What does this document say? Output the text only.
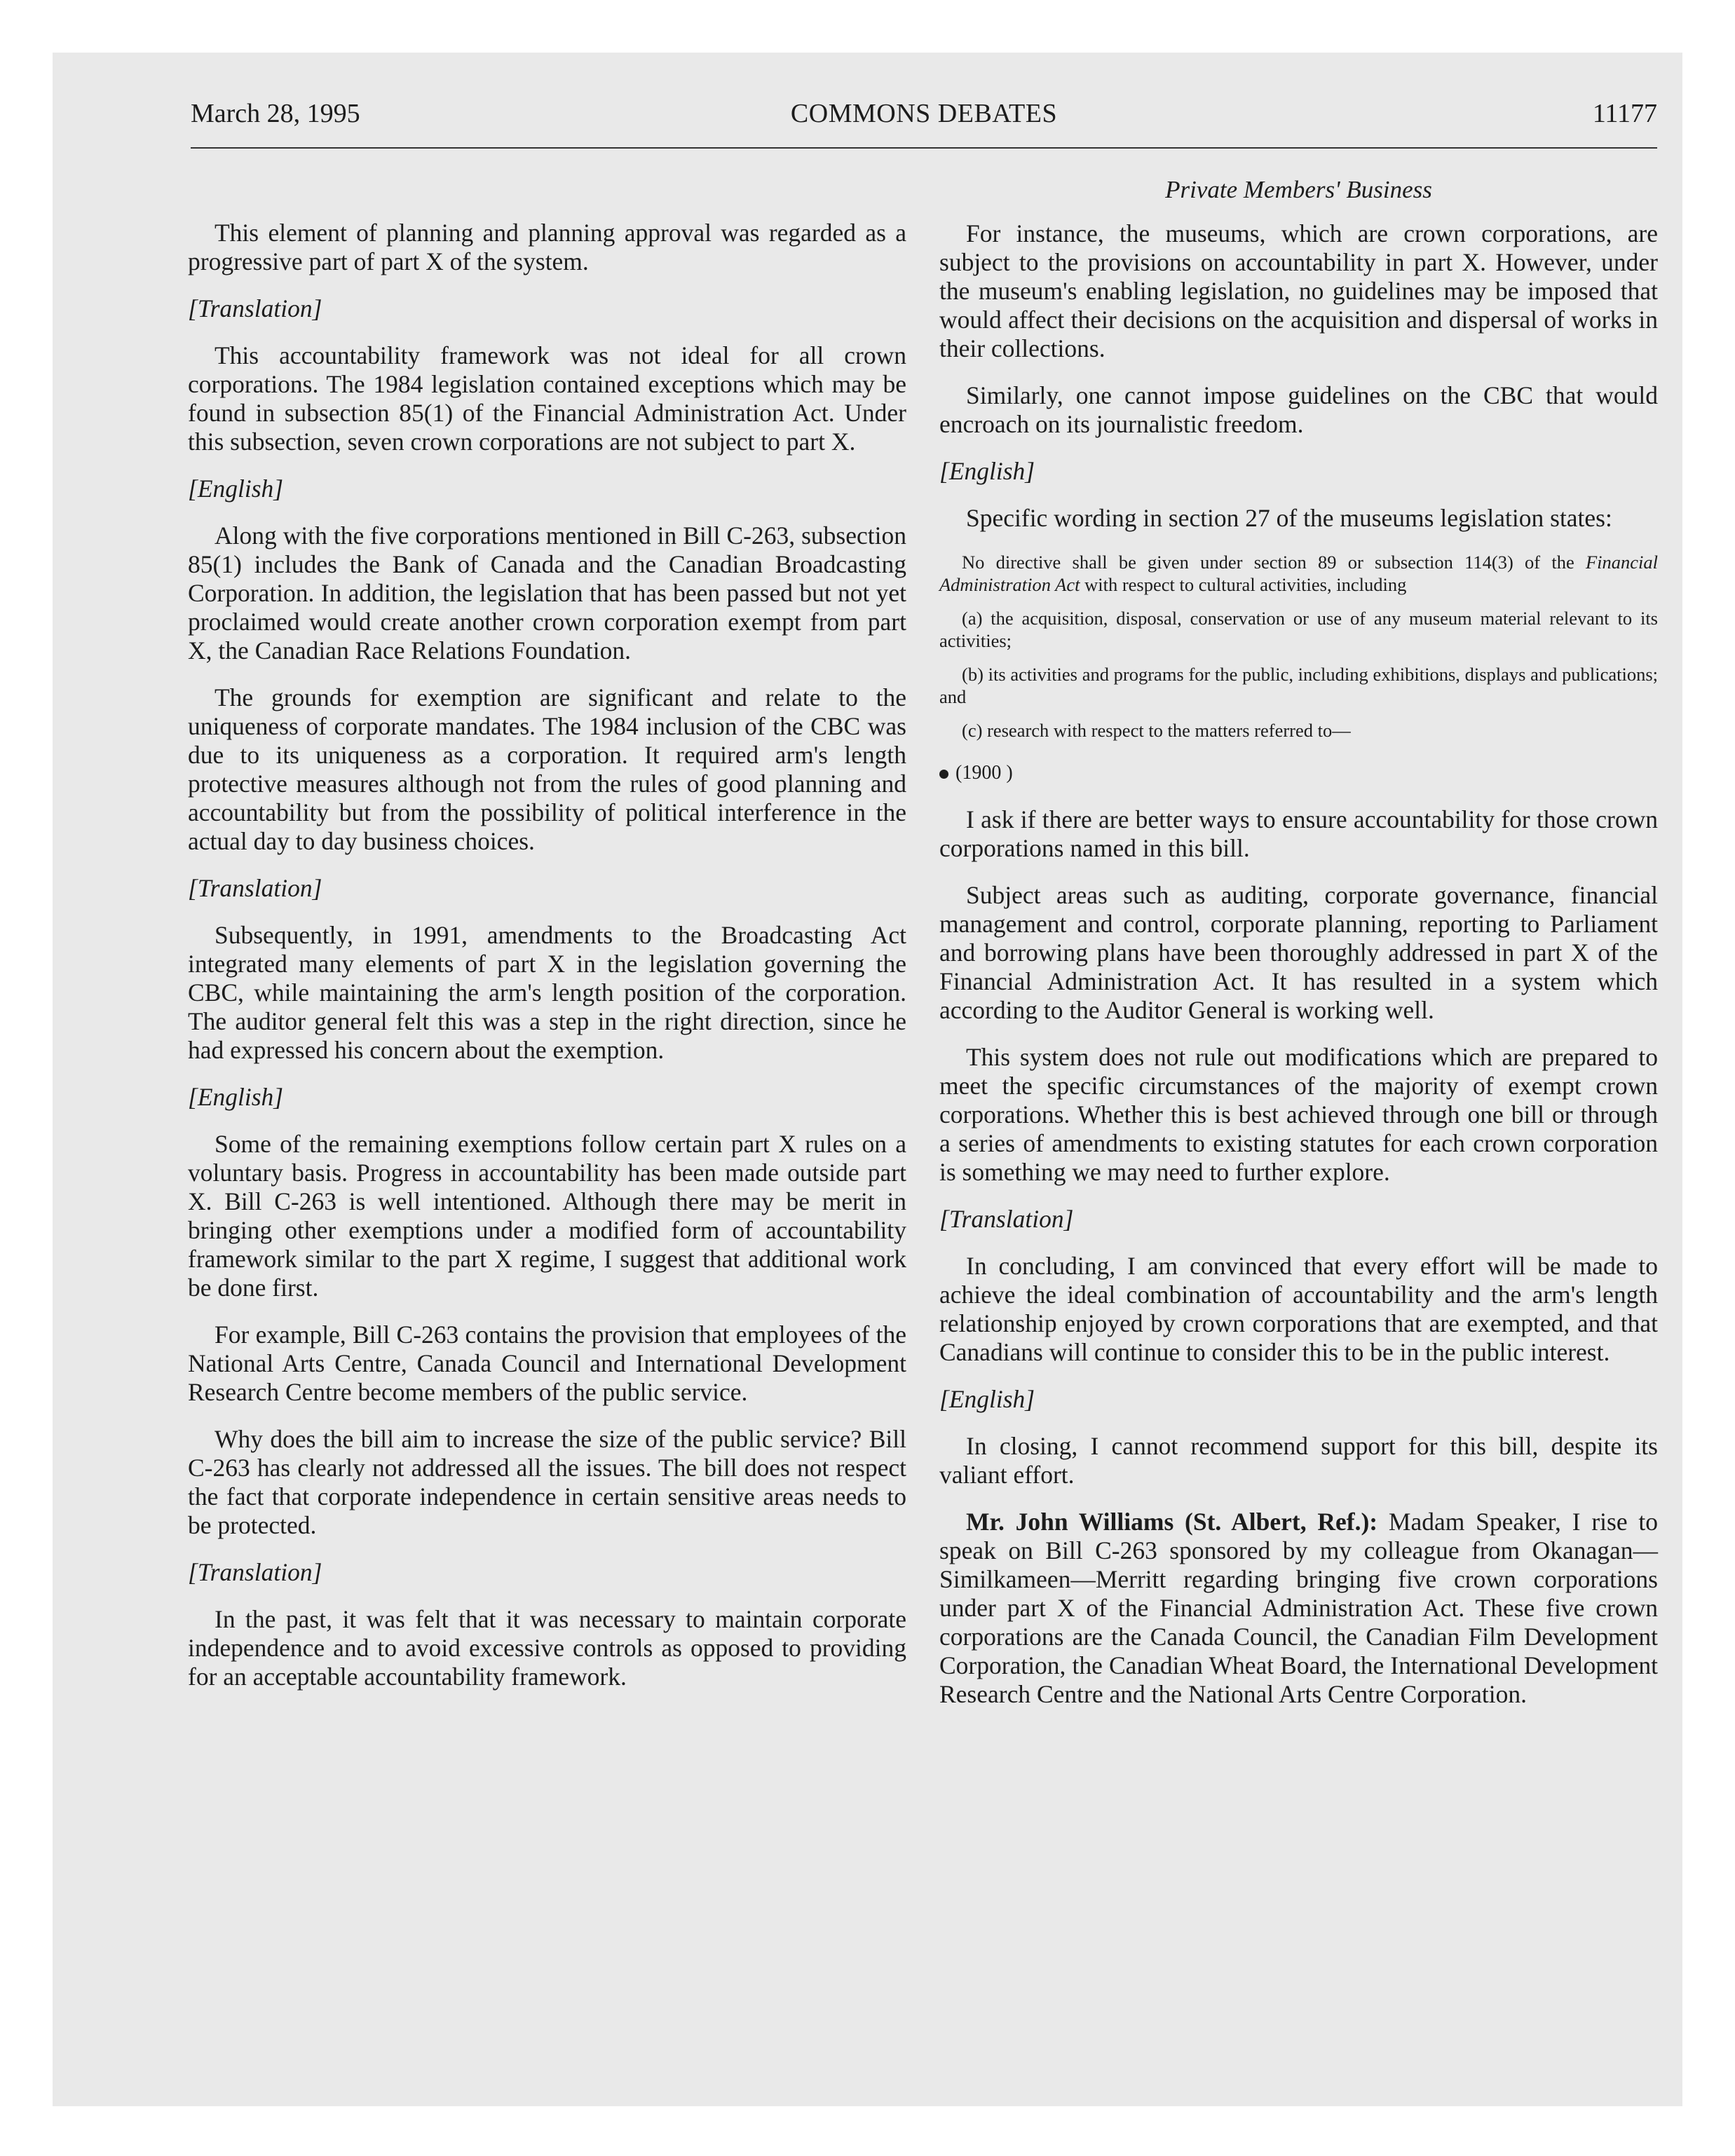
March 28, 1995	COMMONS DEBATES	11177

This element of planning and planning approval was regarded as a progressive part of part X of the system.

[Translation]

This accountability framework was not ideal for all crown corporations. The 1984 legislation contained exceptions which may be found in subsection 85(1) of the Financial Administration Act. Under this subsection, seven crown corporations are not subject to part X.

[English]

Along with the five corporations mentioned in Bill C-263, subsection 85(1) includes the Bank of Canada and the Canadian Broadcasting Corporation. In addition, the legislation that has been passed but not yet proclaimed would create another crown corporation exempt from part X, the Canadian Race Relations Foundation.

The grounds for exemption are significant and relate to the uniqueness of corporate mandates. The 1984 inclusion of the CBC was due to its uniqueness as a corporation. It required arm's length protective measures although not from the rules of good planning and accountability but from the possibility of political interference in the actual day to day business choices.

[Translation]

Subsequently, in 1991, amendments to the Broadcasting Act integrated many elements of part X in the legislation governing the CBC, while maintaining the arm's length position of the corporation. The auditor general felt this was a step in the right direction, since he had expressed his concern about the exemption.

[English]

Some of the remaining exemptions follow certain part X rules on a voluntary basis. Progress in accountability has been made outside part X. Bill C-263 is well intentioned. Although there may be merit in bringing other exemptions under a modified form of accountability framework similar to the part X regime, I suggest that additional work be done first.

For example, Bill C-263 contains the provision that employees of the National Arts Centre, Canada Council and International Development Research Centre become members of the public service.

Why does the bill aim to increase the size of the public service? Bill C-263 has clearly not addressed all the issues. The bill does not respect the fact that corporate independence in certain sensitive areas needs to be protected.

[Translation]

In the past, it was felt that it was necessary to maintain corporate independence and to avoid excessive controls as opposed to providing for an acceptable accountability framework.

Private Members' Business

For instance, the museums, which are crown corporations, are subject to the provisions on accountability in part X. However, under the museum's enabling legislation, no guidelines may be imposed that would affect their decisions on the acquisition and dispersal of works in their collections.

Similarly, one cannot impose guidelines on the CBC that would encroach on its journalistic freedom.

[English]

Specific wording in section 27 of the museums legislation states:

No directive shall be given under section 89 or subsection 114(3) of the Financial Administration Act with respect to cultural activities, including

(a) the acquisition, disposal, conservation or use of any museum material relevant to its activities;

(b) its activities and programs for the public, including exhibitions, displays and publications; and

(c) research with respect to the matters referred to—

(1900 )

I ask if there are better ways to ensure accountability for those crown corporations named in this bill.

Subject areas such as auditing, corporate governance, financial management and control, corporate planning, reporting to Parliament and borrowing plans have been thoroughly addressed in part X of the Financial Administration Act. It has resulted in a system which according to the Auditor General is working well.

This system does not rule out modifications which are prepared to meet the specific circumstances of the majority of exempt crown corporations. Whether this is best achieved through one bill or through a series of amendments to existing statutes for each crown corporation is something we may need to further explore.

[Translation]

In concluding, I am convinced that every effort will be made to achieve the ideal combination of accountability and the arm's length relationship enjoyed by crown corporations that are exempted, and that Canadians will continue to consider this to be in the public interest.

[English]

In closing, I cannot recommend support for this bill, despite its valiant effort.

Mr. John Williams (St. Albert, Ref.): Madam Speaker, I rise to speak on Bill C-263 sponsored by my colleague from Okanagan—Similkameen—Merritt regarding bringing five crown corporations under part X of the Financial Administration Act. These five crown corporations are the Canada Council, the Canadian Film Development Corporation, the Canadian Wheat Board, the International Development Research Centre and the National Arts Centre Corporation.
